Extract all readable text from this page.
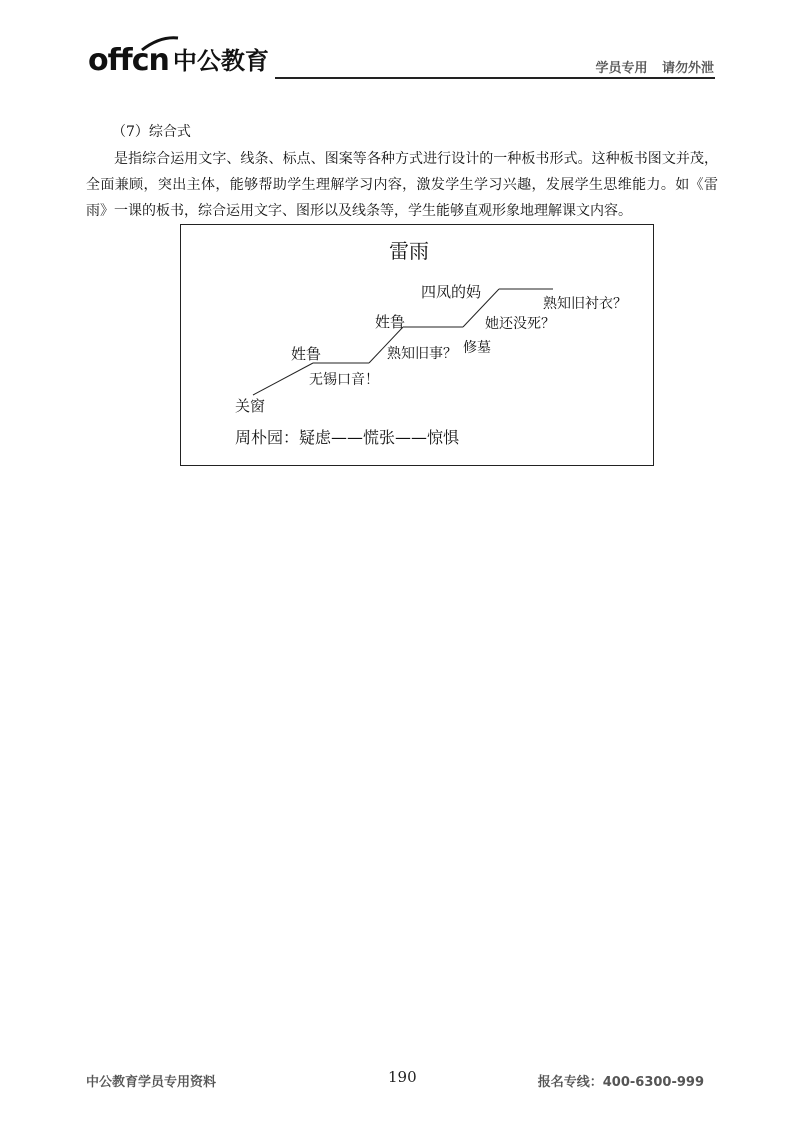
offcn 中公教育	学员专用 请勿外泄
（7）综合式
是指综合运用文字、线条、标点、图案等各种方式进行设计的一种板书形式。这种板书图文并茂，全面兼顾，突出主体，能够帮助学生理解学习内容，激发学生学习兴趣，发展学生思维能力。如《雷雨》一课的板书，综合运用文字、图形以及线条等，学生能够直观形象地理解课文内容。
雷雨
四凤的妈
熟知旧衬衣？
姓鲁	她还没死？
姓鲁	修墓
熟知旧事？
无锡口音！
关窗
周朴园：疑虑——慌张——惊惧
中公教育学员专用资料	190	报名专线：400-6300-999
